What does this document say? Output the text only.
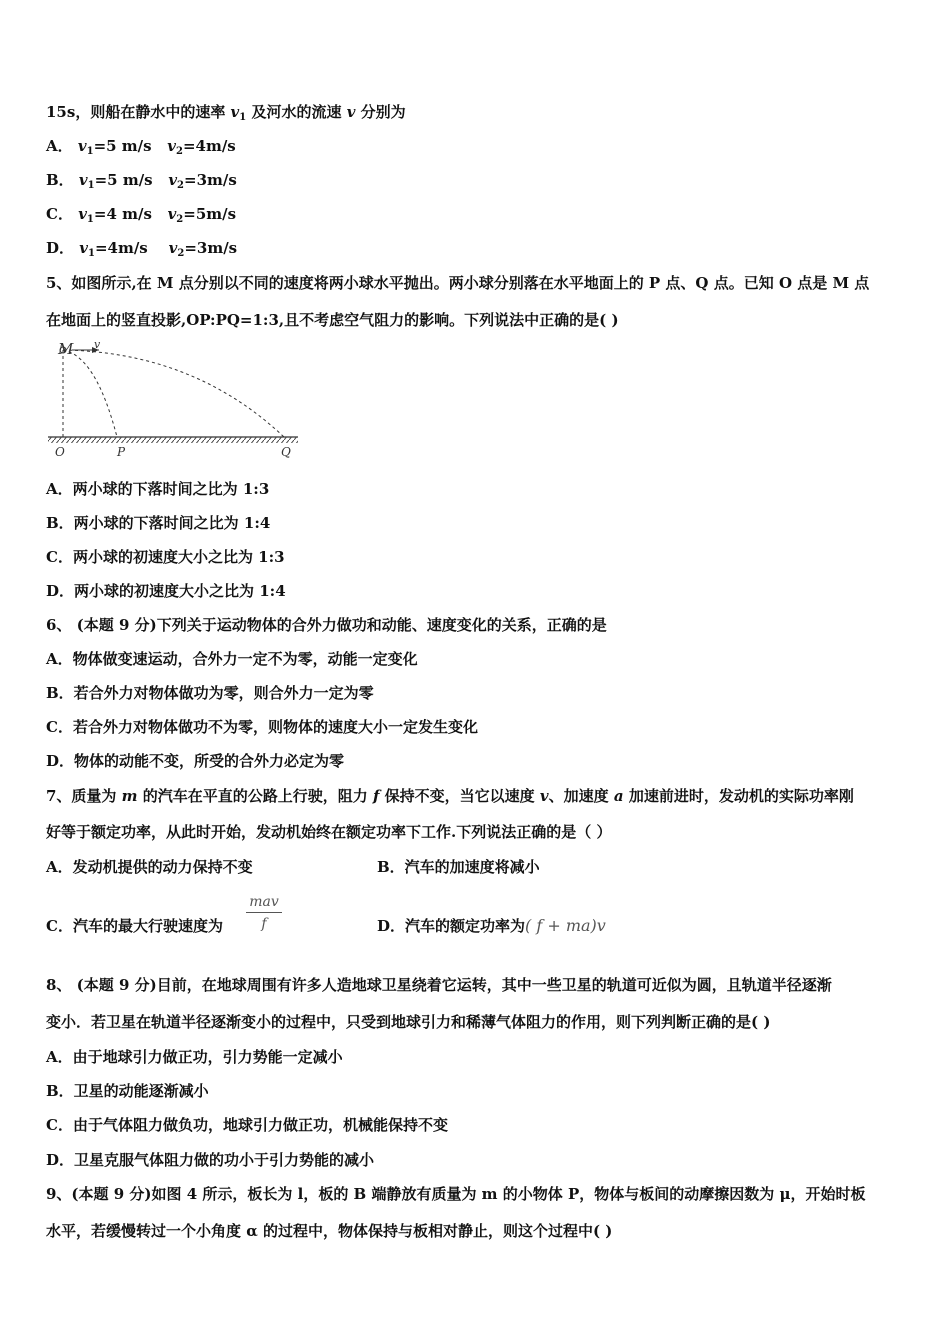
15s，则船在静水中的速率 $v_1$ 及河水的流速 v 分别为
A． $v_1=5$ m/s $v_2=4m/s$
B． $v_1=5$ m/s $v_2=3m/s$
C． $v_1=4$ m/s $v_2=5m/s$
D． $v_1=4m/s$ $v_2=3m/s$
5、如图所示,在 M 点分别以不同的速度将两小球水平抛出。两小球分别落在水平地面上的 P 点、Q 点。已知 O 点是 M 点
在地面上的竖直投影,OP:PQ=1:3,且不考虑空气阻力的影响。下列说法中正确的是( )
M v
O	P	Q
A．两小球的下落时间之比为 1:3
B．两小球的下落时间之比为 1:4
C．两小球的初速度大小之比为 1:3
D．两小球的初速度大小之比为 1:4
6、 (本题 9 分)下列关于运动物体的合外力做功和动能、速度变化的关系，正确的是
A．物体做变速运动，合外力一定不为零，动能一定变化
B．若合外力对物体做功为零，则合外力一定为零
C．若合外力对物体做功不为零，则物体的速度大小一定发生变化
D．物体的动能不变，所受的合外力必定为零
7、质量为 m 的汽车在平直的公路上行驶，阻力 f 保持不变，当它以速度 v、加速度 a 加速前进时，发动机的实际功率刚
好等于额定功率，从此时开始，发动机始终在额定功率下工作.下列说法正确的是（ ）
A．发动机提供的动力保持不变	B．汽车的加速度将减小
C．汽车的最大行驶速度为
mav
f	D．汽车的额定功率为( f + ma)v
8、 (本题 9 分)目前，在地球周围有许多人造地球卫星绕着它运转，其中一些卫星的轨道可近似为圆，且轨道半径逐渐
变小．若卫星在轨道半径逐渐变小的过程中，只受到地球引力和稀薄气体阻力的作用，则下列判断正确的是( )
A．由于地球引力做正功，引力势能一定减小
B．卫星的动能逐渐减小
C．由于气体阻力做负功，地球引力做正功，机械能保持不变
D．卫星克服气体阻力做的功小于引力势能的减小
9、(本题 9 分)如图 4 所示，板长为 l，板的 B 端静放有质量为 m 的小物体 P，物体与板间的动摩擦因数为 μ，开始时板
水平，若缓慢转过一个小角度 α 的过程中，物体保持与板相对静止，则这个过程中( )
